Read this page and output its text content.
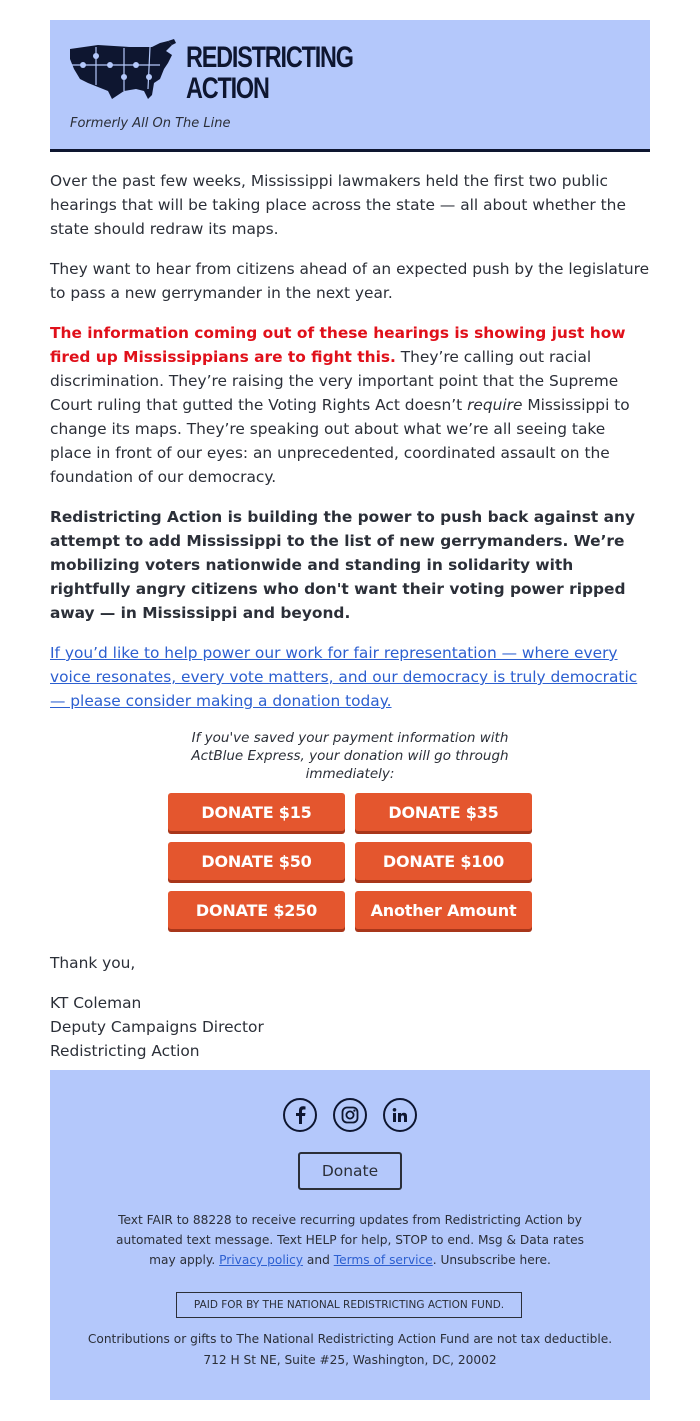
REDISTRICTING
ACTION
Formerly All On The Line

Over the past few weeks, Mississippi lawmakers held the first two public hearings that will be taking place across the state — all about whether the state should redraw its maps.

They want to hear from citizens ahead of an expected push by the legislature to pass a new gerrymander in the next year.

The information coming out of these hearings is showing just how fired up Mississippians are to fight this. They’re calling out racial discrimination. They’re raising the very important point that the Supreme Court ruling that gutted the Voting Rights Act doesn’t require Mississippi to change its maps. They’re speaking out about what we’re all seeing take place in front of our eyes: an unprecedented, coordinated assault on the foundation of our democracy.

Redistricting Action is building the power to push back against any attempt to add Mississippi to the list of new gerrymanders. We’re mobilizing voters nationwide and standing in solidarity with rightfully angry citizens who don't want their voting power ripped away — in Mississippi and beyond.

If you’d like to help power our work for fair representation — where every voice resonates, every vote matters, and our democracy is truly democratic — please consider making a donation today.

If you've saved your payment information with ActBlue Express, your donation will go through immediately:
DONATE $15	DONATE $35
DONATE $50	DONATE $100
DONATE $250	Another Amount

Thank you,

KT Coleman
Deputy Campaigns Director
Redistricting Action
Donate
Text FAIR to 88228 to receive recurring updates from Redistricting Action by automated text message. Text HELP for help, STOP to end. Msg & Data rates may apply. Privacy policy and Terms of service. Unsubscribe here.
PAID FOR BY THE NATIONAL REDISTRICTING ACTION FUND.
Contributions or gifts to The National Redistricting Action Fund are not tax deductible.
712 H St NE, Suite #25, Washington, DC, 20002
